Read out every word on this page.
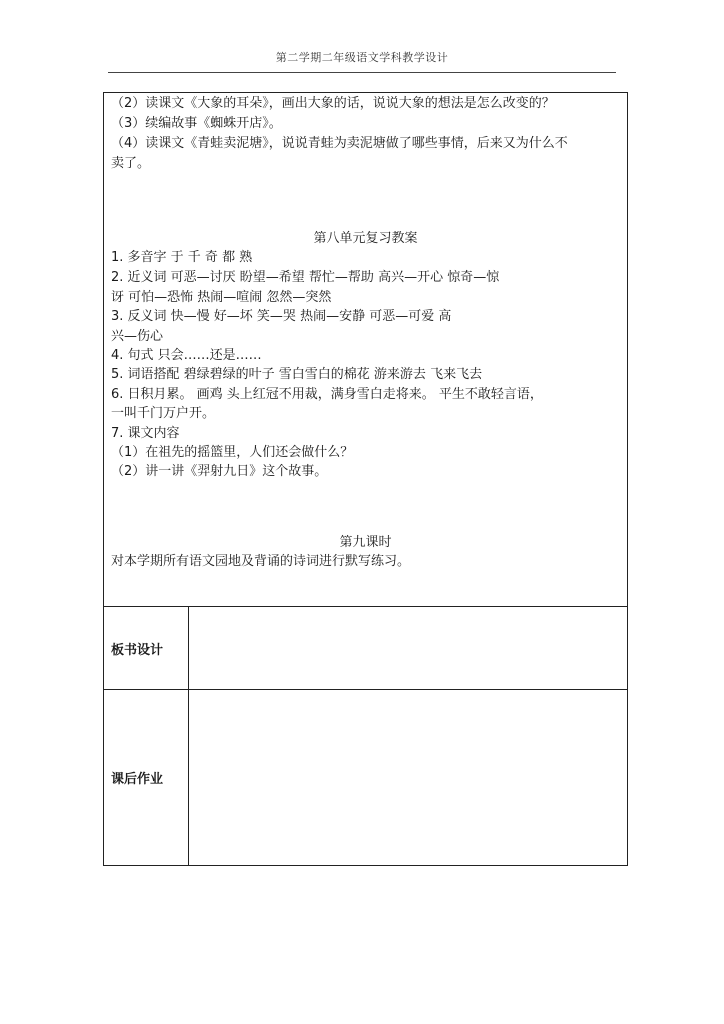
第二学期二年级语文学科教学设计
（2）读课文《大象的耳朵》，画出大象的话，说说大象的想法是怎么改变的？
（3）续编故事《蜘蛛开店》。
（4）读课文《青蛙卖泥塘》，说说青蛙为卖泥塘做了哪些事情，后来又为什么不
卖了。
第八单元复习教案
1. 多音字 于 千 奇 都 熟
2. 近义词 可恶—讨厌 盼望—希望 帮忙—帮助 高兴—开心 惊奇—惊
讶 可怕—恐怖 热闹—喧闹 忽然—突然
3. 反义词 快—慢 好—坏 笑—哭 热闹—安静 可恶—可爱 高
兴—伤心
4. 句式 只会……还是……
5. 词语搭配 碧绿碧绿的叶子 雪白雪白的棉花 游来游去 飞来飞去
6. 日积月累。 画鸡 头上红冠不用裁，满身雪白走将来。 平生不敢轻言语，
一叫千门万户开。
7. 课文内容
（1）在祖先的摇篮里，人们还会做什么？
（2）讲一讲《羿射九日》这个故事。
第九课时
对本学期所有语文园地及背诵的诗词进行默写练习。
板书设计
课后作业
